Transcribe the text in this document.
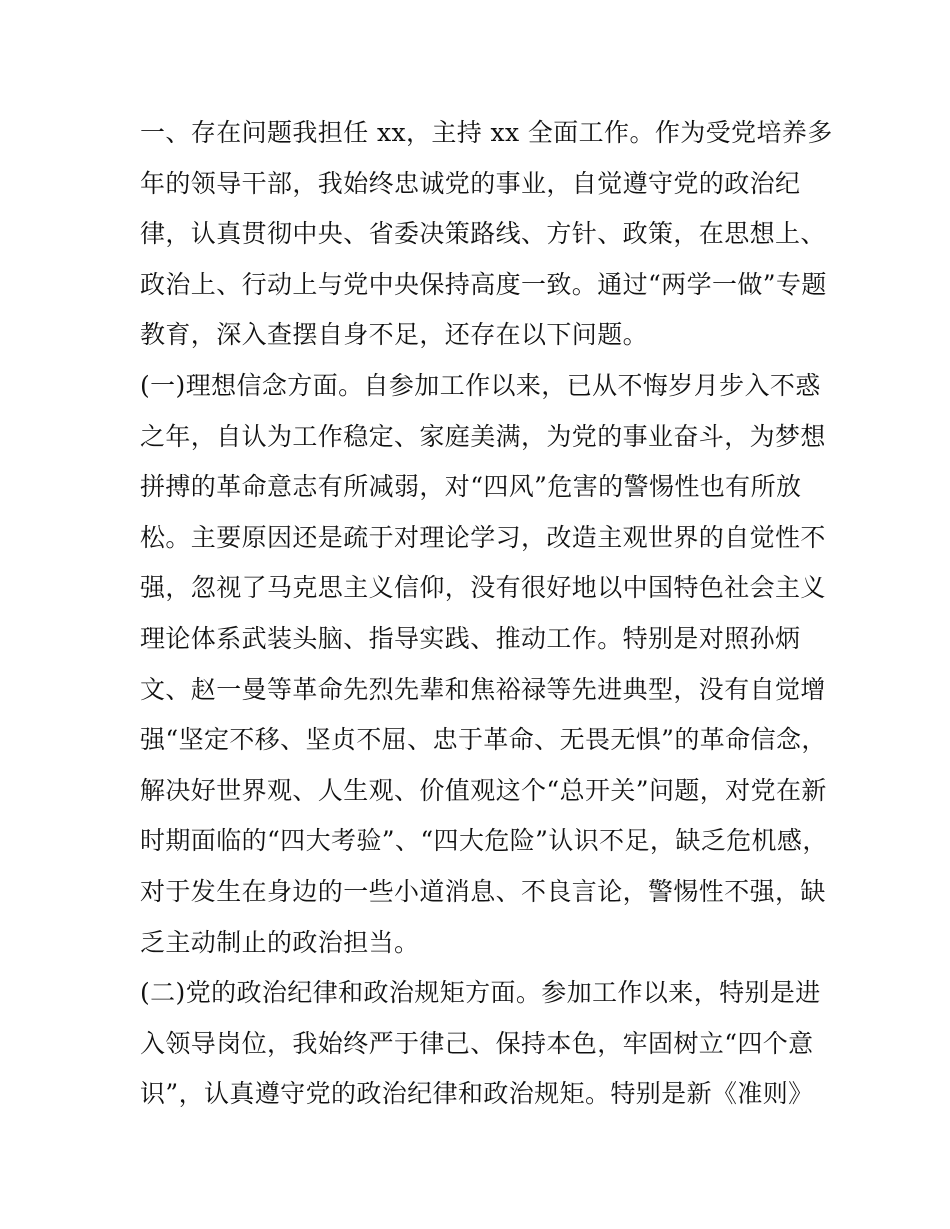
一、存在问题我担任 xx，主持 xx 全面工作。作为受党培养多
年的领导干部，我始终忠诚党的事业，自觉遵守党的政治纪
律，认真贯彻中央、省委决策路线、方针、政策，在思想上、
政治上、行动上与党中央保持高度一致。通过“两学一做”专题
教育，深入查摆自身不足，还存在以下问题。
(一)理想信念方面。自参加工作以来，已从不悔岁月步入不惑
之年，自认为工作稳定、家庭美满，为党的事业奋斗，为梦想
拼搏的革命意志有所减弱，对“四风”危害的警惕性也有所放
松。主要原因还是疏于对理论学习，改造主观世界的自觉性不
强，忽视了马克思主义信仰，没有很好地以中国特色社会主义
理论体系武装头脑、指导实践、推动工作。特别是对照孙炳
文、赵一曼等革命先烈先辈和焦裕禄等先进典型，没有自觉增
强“坚定不移、坚贞不屈、忠于革命、无畏无惧”的革命信念，
解决好世界观、人生观、价值观这个“总开关”问题，对党在新
时期面临的“四大考验”、“四大危险”认识不足，缺乏危机感，
对于发生在身边的一些小道消息、不良言论，警惕性不强，缺
乏主动制止的政治担当。
(二)党的政治纪律和政治规矩方面。参加工作以来，特别是进
入领导岗位，我始终严于律己、保持本色，牢固树立“四个意
识”，认真遵守党的政治纪律和政治规矩。特别是新《准则》
